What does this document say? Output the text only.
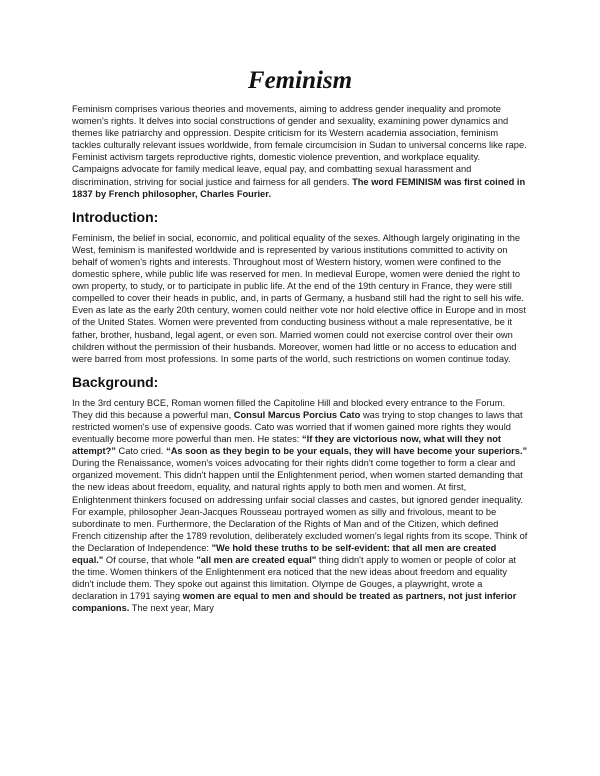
Feminism

Feminism comprises various theories and movements, aiming to address gender inequality and promote women's rights. It delves into social constructions of gender and sexuality, examining power dynamics and themes like patriarchy and oppression. Despite criticism for its Western academia association, feminism tackles culturally relevant issues worldwide, from female circumcision in Sudan to universal concerns like rape. Feminist activism targets reproductive rights, domestic violence prevention, and workplace equality. Campaigns advocate for family medical leave, equal pay, and combatting sexual harassment and discrimination, striving for social justice and fairness for all genders. The word FEMINISM was first coined in 1837 by French philosopher, Charles Fourier.

Introduction:

Feminism, the belief in social, economic, and political equality of the sexes. Although largely originating in the West, feminism is manifested worldwide and is represented by various institutions committed to activity on behalf of women's rights and interests. Throughout most of Western history, women were confined to the domestic sphere, while public life was reserved for men. In medieval Europe, women were denied the right to own property, to study, or to participate in public life. At the end of the 19th century in France, they were still compelled to cover their heads in public, and, in parts of Germany, a husband still had the right to sell his wife. Even as late as the early 20th century, women could neither vote nor hold elective office in Europe and in most of the United States. Women were prevented from conducting business without a male representative, be it father, brother, husband, legal agent, or even son. Married women could not exercise control over their own children without the permission of their husbands. Moreover, women had little or no access to education and were barred from most professions. In some parts of the world, such restrictions on women continue today.

Background:

In the 3rd century BCE, Roman women filled the Capitoline Hill and blocked every entrance to the Forum. They did this because a powerful man, Consul Marcus Porcius Cato was trying to stop changes to laws that restricted women's use of expensive goods. Cato was worried that if women gained more rights they would eventually become more powerful than men. He states: “If they are victorious now, what will they not attempt?” Cato cried. “As soon as they begin to be your equals, they will have become your superiors.”

During the Renaissance, women's voices advocating for their rights didn't come together to form a clear and organized movement. This didn't happen until the Enlightenment period, when women started demanding that the new ideas about freedom, equality, and natural rights apply to both men and women. At first, Enlightenment thinkers focused on addressing unfair social classes and castes, but ignored gender inequality. For example, philosopher Jean-Jacques Rousseau portrayed women as silly and frivolous, meant to be subordinate to men. Furthermore, the Declaration of the Rights of Man and of the Citizen, which defined French citizenship after the 1789 revolution, deliberately excluded women's legal rights from its scope. Think of the Declaration of Independence: "We hold these truths to be self-evident: that all men are created equal." Of course, that whole "all men are created equal" thing didn't apply to women or people of color at the time. Women thinkers of the Enlightenment era noticed that the new ideas about freedom and equality didn't include them. They spoke out against this limitation. Olympe de Gouges, a playwright, wrote a declaration in 1791 saying women are equal to men and should be treated as partners, not just inferior companions. The next year, Mary
